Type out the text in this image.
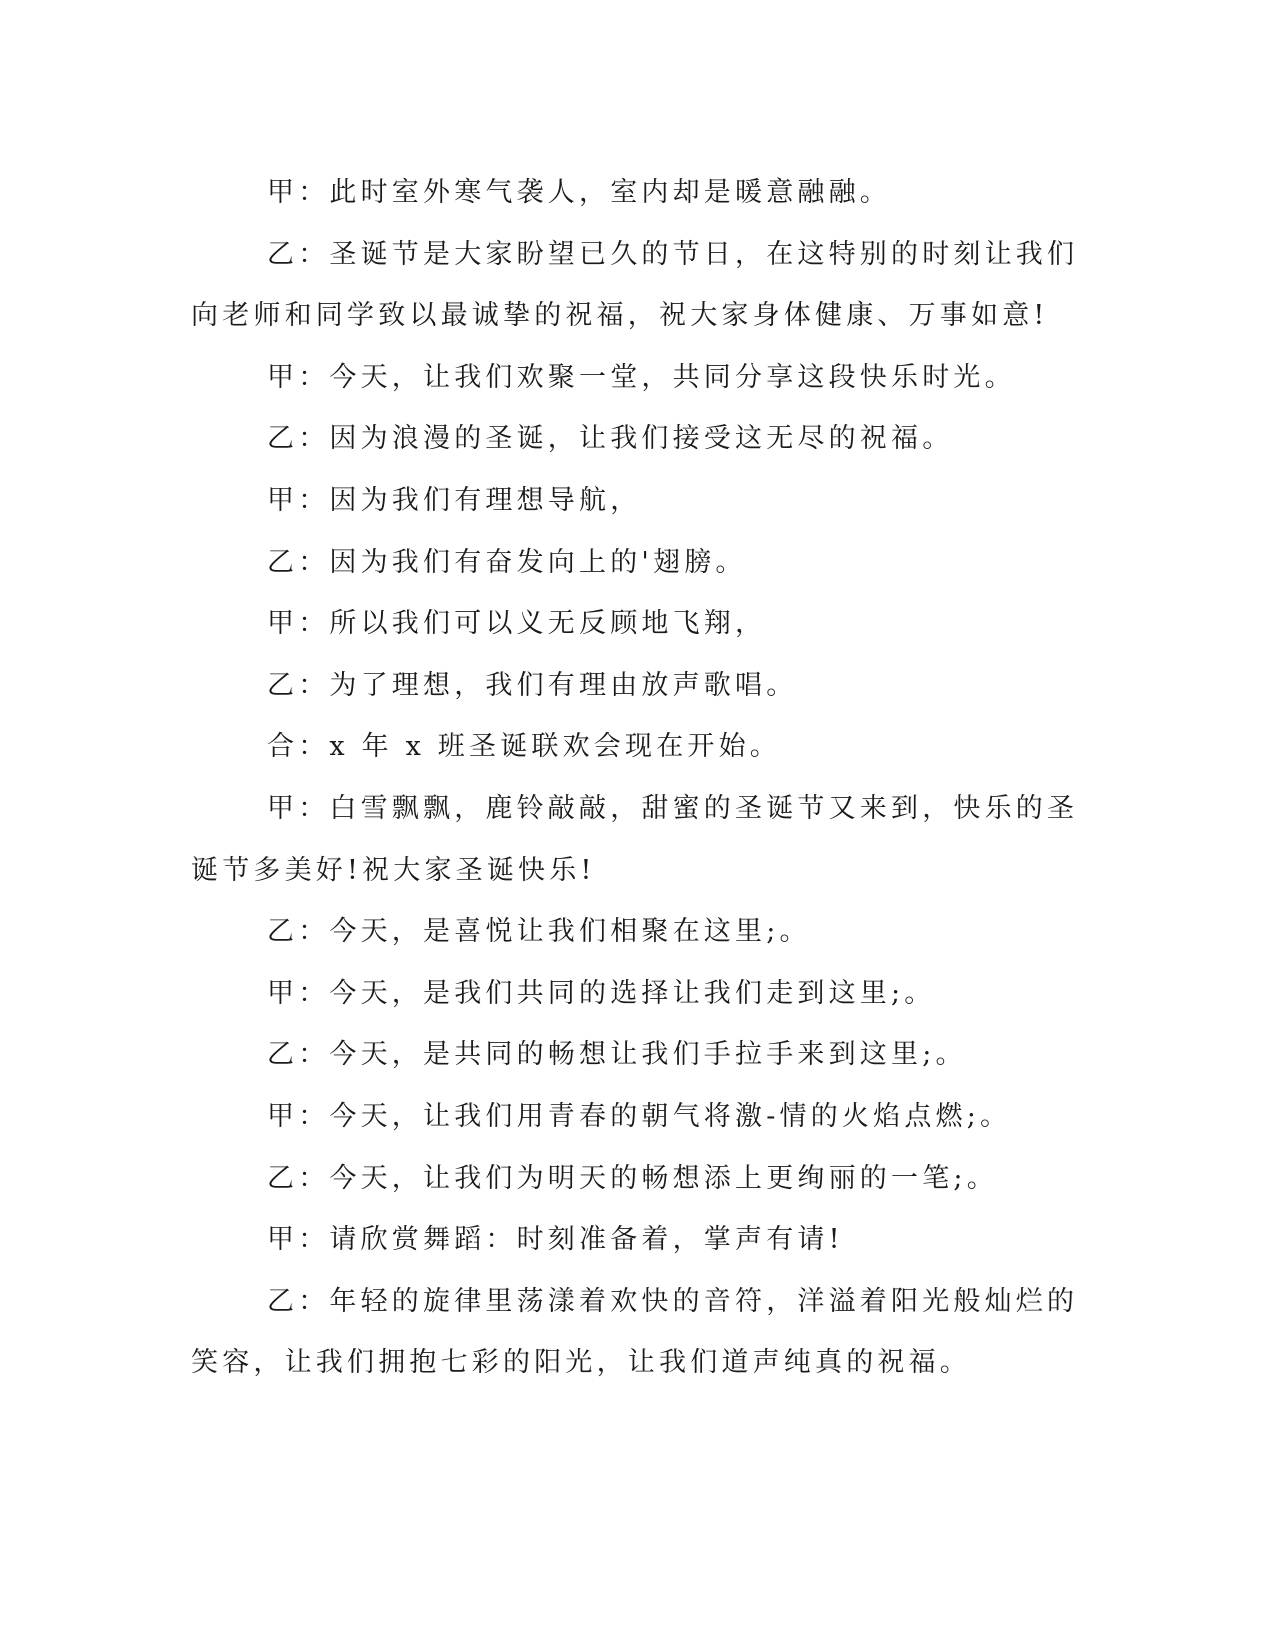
甲：此时室外寒气袭人，室内却是暖意融融。

乙：圣诞节是大家盼望已久的节日，在这特别的时刻让我们向老师和同学致以最诚挚的祝福，祝大家身体健康、万事如意!

甲：今天，让我们欢聚一堂，共同分享这段快乐时光。

乙：因为浪漫的圣诞，让我们接受这无尽的祝福。

甲：因为我们有理想导航，

乙：因为我们有奋发向上的'翅膀。

甲：所以我们可以义无反顾地飞翔，

乙：为了理想，我们有理由放声歌唱。

合：x 年 x 班圣诞联欢会现在开始。

甲：白雪飘飘，鹿铃敲敲，甜蜜的圣诞节又来到，快乐的圣诞节多美好!祝大家圣诞快乐!

乙：今天，是喜悦让我们相聚在这里;。

甲：今天，是我们共同的选择让我们走到这里;。

乙：今天，是共同的畅想让我们手拉手来到这里;。

甲：今天，让我们用青春的朝气将激-情的火焰点燃;。

乙：今天，让我们为明天的畅想添上更绚丽的一笔;。

甲：请欣赏舞蹈：时刻准备着，掌声有请!

乙：年轻的旋律里荡漾着欢快的音符，洋溢着阳光般灿烂的笑容，让我们拥抱七彩的阳光，让我们道声纯真的祝福。
